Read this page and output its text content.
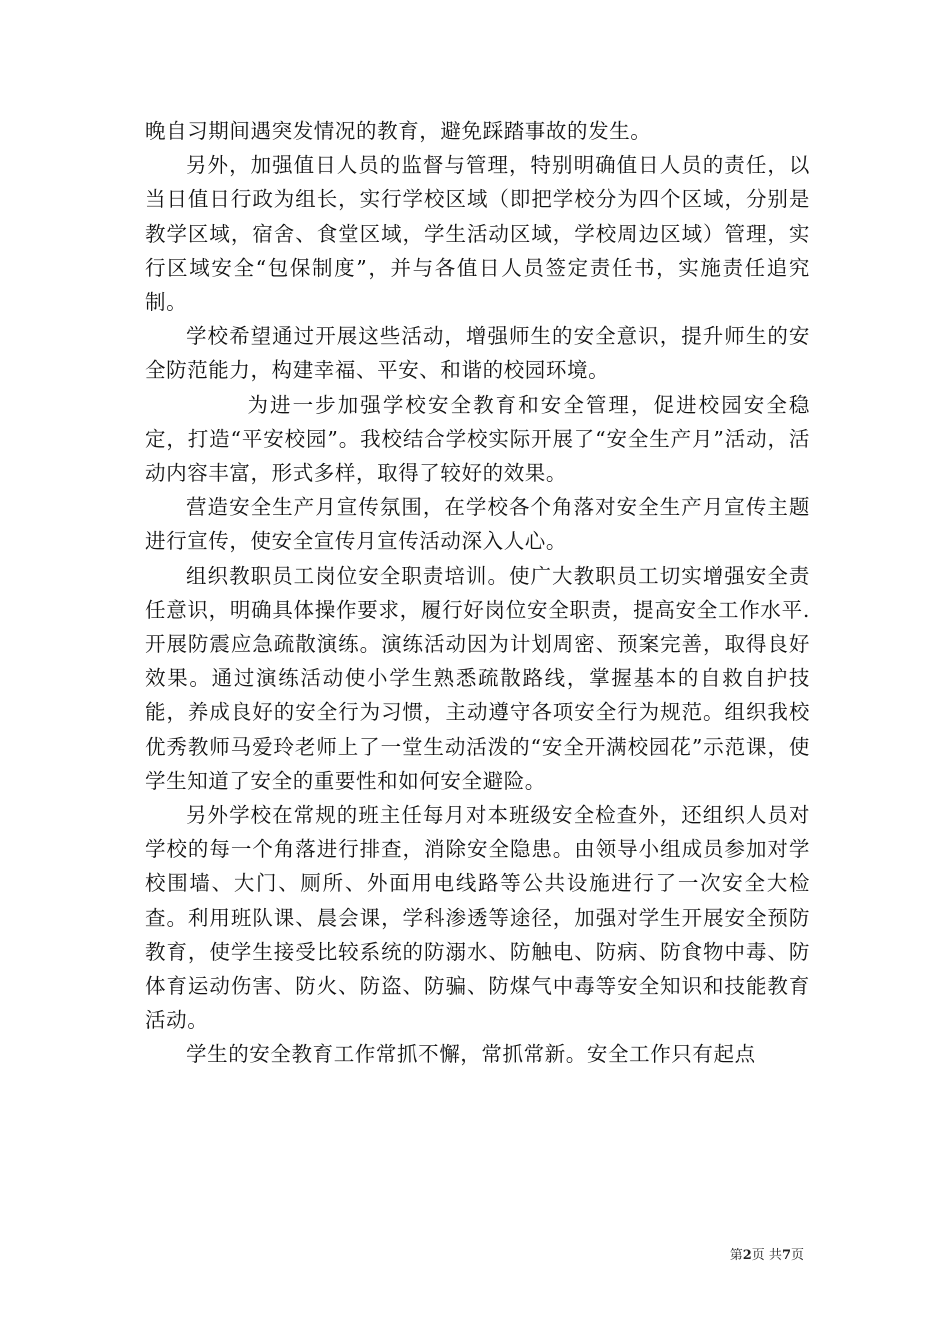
晚自习期间遇突发情况的教育，避免踩踏事故的发生。

另外，加强值日人员的监督与管理，特别明确值日人员的责任，以当日值日行政为组长，实行学校区域（即把学校分为四个区域，分别是教学区域，宿舍、食堂区域，学生活动区域，学校周边区域）管理，实行区域安全“包保制度”，并与各值日人员签定责任书，实施责任追究制。

学校希望通过开展这些活动，增强师生的安全意识，提升师生的安全防范能力，构建幸福、平安、和谐的校园环境。

为进一步加强学校安全教育和安全管理，促进校园安全稳定，打造“平安校园”。我校结合学校实际开展了“安全生产月”活动，活动内容丰富，形式多样，取得了较好的效果。

营造安全生产月宣传氛围，在学校各个角落对安全生产月宣传主题进行宣传，使安全宣传月宣传活动深入人心。

组织教职员工岗位安全职责培训。使广大教职员工切实增强安全责任意识，明确具体操作要求，履行好岗位安全职责，提高安全工作水平.开展防震应急疏散演练。演练活动因为计划周密、预案完善，取得良好效果。通过演练活动使小学生熟悉疏散路线，掌握基本的自救自护技能，养成良好的安全行为习惯，主动遵守各项安全行为规范。组织我校优秀教师马爱玲老师上了一堂生动活泼的“安全开满校园花”示范课，使学生知道了安全的重要性和如何安全避险。

另外学校在常规的班主任每月对本班级安全检查外，还组织人员对学校的每一个角落进行排查，消除安全隐患。由领导小组成员参加对学校围墙、大门、厕所、外面用电线路等公共设施进行了一次安全大检查。利用班队课、晨会课，学科渗透等途径，加强对学生开展安全预防教育，使学生接受比较系统的防溺水、防触电、防病、防食物中毒、防体育运动伤害、防火、防盗、防骗、防煤气中毒等安全知识和技能教育活动。

学生的安全教育工作常抓不懈，常抓常新。安全工作只有起点

第2页 共7页
